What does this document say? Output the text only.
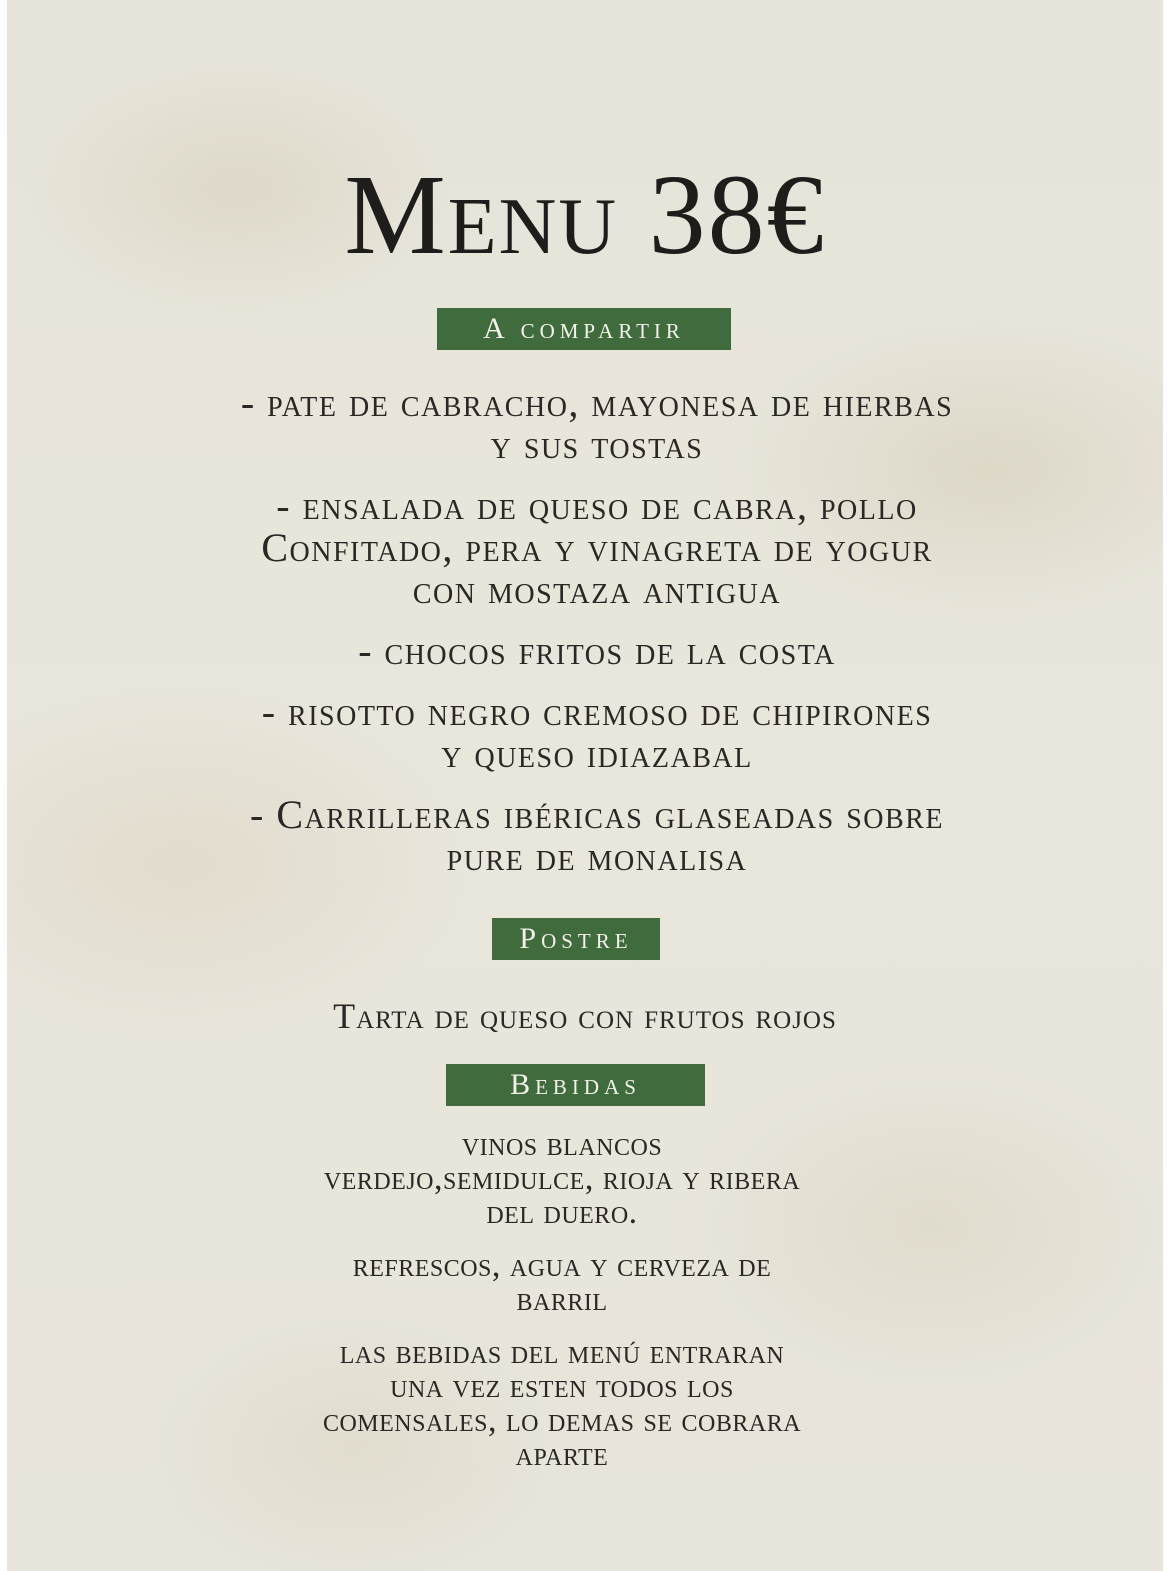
Menu 38€
A compartir
- pate de cabracho, mayonesa de hierbas
y sus tostas
- ensalada de queso de cabra, pollo
Confitado, pera y vinagreta de yogur
con mostaza antigua
- chocos fritos de la costa
- risotto negro cremoso de chipirones
y queso idiazabal
- Carrilleras ibéricas glaseadas sobre
pure de monalisa
Postre
Tarta de queso con frutos rojos
Bebidas
vinos blancos
verdejo,semidulce, rioja y ribera
del duero.
refrescos, agua y cerveza de
barril
las bebidas del menú entraran
una vez esten todos los
comensales, lo demas se cobrara
aparte
